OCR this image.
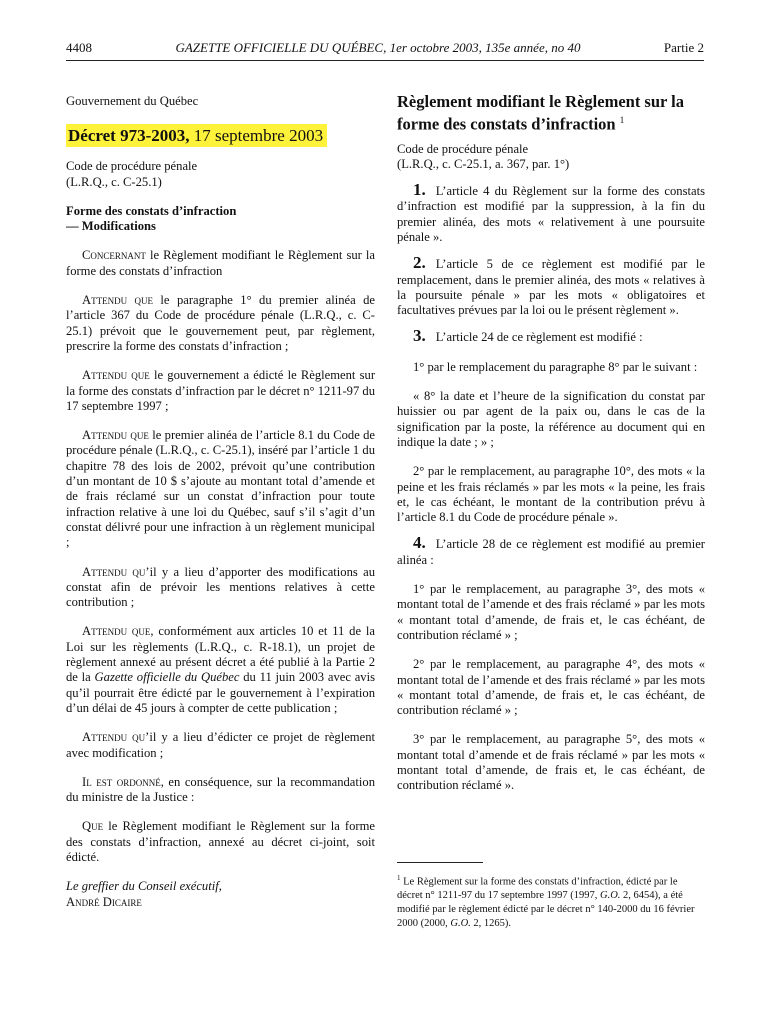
4408	GAZETTE OFFICIELLE DU QUÉBEC, 1er octobre 2003, 135e année, no 40	Partie 2

Gouvernement du Québec

Décret 973-2003, 17 septembre 2003

Code de procédure pénale

(L.R.Q., c. C-25.1)

Forme des constats d’infraction

— Modifications

Concernant le Règlement modifiant le Règlement sur la forme des constats d’infraction

Attendu que le paragraphe 1° du premier alinéa de l’article 367 du Code de procédure pénale (L.R.Q., c. C-25.1) prévoit que le gouvernement peut, par règlement, prescrire la forme des constats d’infraction ;

Attendu que le gouvernement a édicté le Règlement sur la forme des constats d’infraction par le décret n° 1211-97 du 17 septembre 1997 ;

Attendu que le premier alinéa de l’article 8.1 du Code de procédure pénale (L.R.Q., c. C-25.1), inséré par l’article 1 du chapitre 78 des lois de 2002, prévoit qu’une contribution d’un montant de 10 $ s’ajoute au montant total d’amende et de frais réclamé sur un constat d’infraction pour toute infraction relative à une loi du Québec, sauf s’il s’agit d’un constat délivré pour une infraction à un règlement municipal ;

Attendu qu’il y a lieu d’apporter des modifications au constat afin de prévoir les mentions relatives à cette contribution ;

Attendu que, conformément aux articles 10 et 11 de la Loi sur les règlements (L.R.Q., c. R-18.1), un projet de règlement annexé au présent décret a été publié à la Partie 2 de la Gazette officielle du Québec du 11 juin 2003 avec avis qu’il pourrait être édicté par le gouvernement à l’expiration d’un délai de 45 jours à compter de cette publication ;

Attendu qu’il y a lieu d’édicter ce projet de règlement avec modification ;

Il est ordonné, en conséquence, sur la recommandation du ministre de la Justice :

Que le Règlement modifiant le Règlement sur la forme des constats d’infraction, annexé au décret ci-joint, soit édicté.

Le greffier du Conseil exécutif,

André Dicaire

Règlement modifiant le Règlement sur la forme des constats d’infraction $^1$

Code de procédure pénale

(L.R.Q., c. C-25.1, a. 367, par. 1°)

1. L’article 4 du Règlement sur la forme des constats d’infraction est modifié par la suppression, à la fin du premier alinéa, des mots « relativement à une poursuite pénale ».

2. L’article 5 de ce règlement est modifié par le remplacement, dans le premier alinéa, des mots « relatives à la poursuite pénale » par les mots « obligatoires et facultatives prévues par la loi ou le présent règlement ».

3. L’article 24 de ce règlement est modifié :

1° par le remplacement du paragraphe 8° par le suivant :

« 8° la date et l’heure de la signification du constat par huissier ou par agent de la paix ou, dans le cas de la signification par la poste, la référence au document qui en indique la date ; » ;

2° par le remplacement, au paragraphe 10°, des mots « la peine et les frais réclamés » par les mots « la peine, les frais et, le cas échéant, le montant de la contribution prévu à l’article 8.1 du Code de procédure pénale ».

4. L’article 28 de ce règlement est modifié au premier alinéa :

1° par le remplacement, au paragraphe 3°, des mots « montant total de l’amende et des frais réclamé » par les mots « montant total d’amende, de frais et, le cas échéant, de contribution réclamé » ;

2° par le remplacement, au paragraphe 4°, des mots « montant total de l’amende et des frais réclamé » par les mots « montant total d’amende, de frais et, le cas échéant, de contribution réclamé » ;

3° par le remplacement, au paragraphe 5°, des mots « montant total d’amende et de frais réclamé » par les mots « montant total d’amende, de frais et, le cas échéant, de contribution réclamé ».

$^1$ Le Règlement sur la forme des constats d’infraction, édicté par le décret n° 1211-97 du 17 septembre 1997 (1997, G.O. 2, 6454), a été modifié par le règlement édicté par le décret n° 140-2000 du 16 février 2000 (2000, G.O. 2, 1265).
